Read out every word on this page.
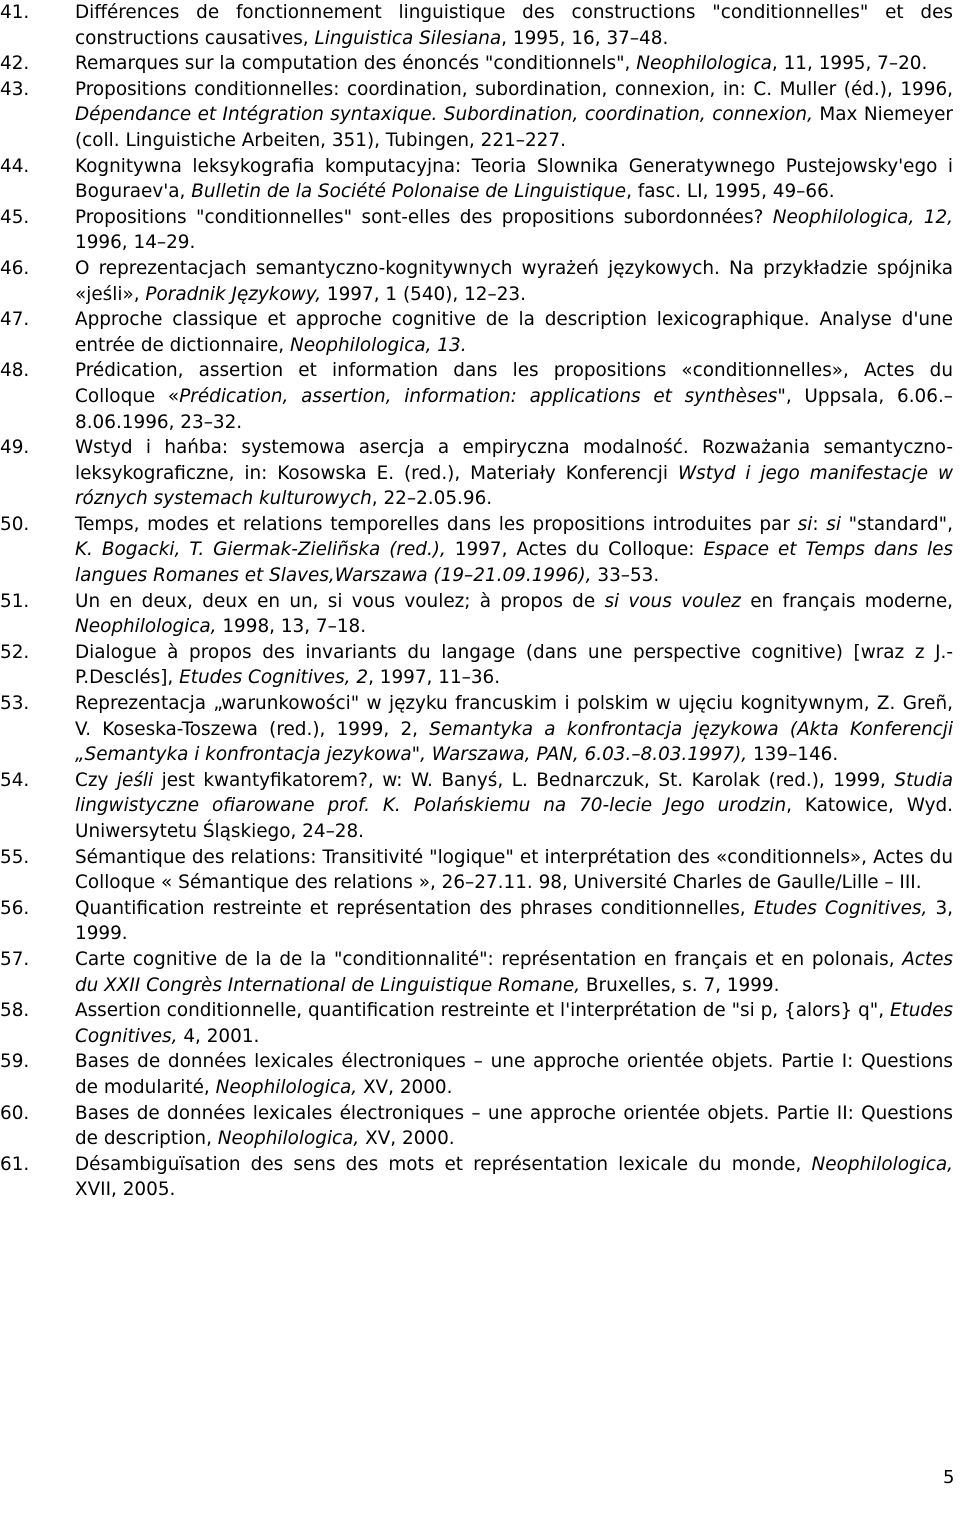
41.	Différences de fonctionnement linguistique des constructions "conditionnelles" et des constructions causatives, Linguistica Silesiana, 1995, 16, 37–48.
42.	Remarques sur la computation des énoncés "conditionnels", Neophilologica, 11, 1995, 7–20.
43.	Propositions conditionnelles: coordination, subordination, connexion, in: C. Muller (éd.), 1996, Dépendance et Intégration syntaxique. Subordination, coordination, connexion, Max Niemeyer (coll. Linguistiche Arbeiten, 351), Tubingen, 221–227.
44.	Kognitywna leksykografia komputacyjna: Teoria Slownika Generatywnego Pustejowsky'ego i Boguraev'a, Bulletin de la Société Polonaise de Linguistique, fasc. LI, 1995, 49–66.
45.	Propositions "conditionnelles" sont-elles des propositions subordonnées? Neophilologica, 12, 1996, 14–29.
46.	O reprezentacjach semantyczno-kognitywnych wyrażeń językowych. Na przykładzie spójnika «jeśli», Poradnik Językowy, 1997, 1 (540), 12–23.
47.	Approche classique et approche cognitive de la description lexicographique. Analyse d'une entrée de dictionnaire, Neophilologica, 13.
48.	Prédication, assertion et information dans les propositions «conditionnelles», Actes du Colloque «Prédication, assertion, information: applications et synthèses", Uppsala, 6.06.–8.06.1996, 23–32.
49.	Wstyd i hańba: systemowa asercja a empiryczna modalność. Rozważania semantyczno-leksykograficzne, in: Kosowska E. (red.), Materiały Konferencji Wstyd i jego manifestacje w róznych systemach kulturowych, 22–2.05.96.
50.	Temps, modes et relations temporelles dans les propositions introduites par si: si "standard", K. Bogacki, T. Giermak-Zieliñska (red.), 1997, Actes du Colloque: Espace et Temps dans les langues Romanes et Slaves,Warszawa (19–21.09.1996), 33–53.
51.	Un en deux, deux en un, si vous voulez; à propos de si vous voulez en français moderne, Neophilologica, 1998, 13, 7–18.
52.	Dialogue à propos des invariants du langage (dans une perspective cognitive) [wraz z J.-P.Desclés], Etudes Cognitives, 2, 1997, 11–36.
53.	Reprezentacja „warunkowości" w języku francuskim i polskim w ujęciu kognitywnym, Z. Greñ, V. Koseska-Toszewa (red.), 1999, 2, Semantyka a konfrontacja językowa (Akta Konferencji „Semantyka i konfrontacja jezykowa", Warszawa, PAN, 6.03.–8.03.1997), 139–146.
54.	Czy jeśli jest kwantyfikatorem?, w: W. Banyś, L. Bednarczuk, St. Karolak (red.), 1999, Studia lingwistyczne ofiarowane prof. K. Polańskiemu na 70-lecie Jego urodzin, Katowice, Wyd. Uniwersytetu Śląskiego, 24–28.
55.	Sémantique des relations: Transitivité "logique" et interprétation des «conditionnels», Actes du Colloque « Sémantique des relations », 26–27.11. 98, Université Charles de Gaulle/Lille – III.
56.	Quantification restreinte et représentation des phrases conditionnelles, Etudes Cognitives, 3, 1999.
57.	Carte cognitive de la de la "conditionnalité": représentation en français et en polonais, Actes du XXII Congrès International de Linguistique Romane, Bruxelles, s. 7, 1999.
58.	Assertion conditionnelle, quantification restreinte et l'interprétation de "si p, {alors} q", Etudes Cognitives, 4, 2001.
59.	Bases de données lexicales électroniques – une approche orientée objets. Partie I: Questions de modularité, Neophilologica, XV, 2000.
60.	Bases de données lexicales électroniques – une approche orientée objets. Partie II: Questions de description, Neophilologica, XV, 2000.
61.	Désambiguïsation des sens des mots et représentation lexicale du monde, Neophilologica, XVII, 2005.
5
